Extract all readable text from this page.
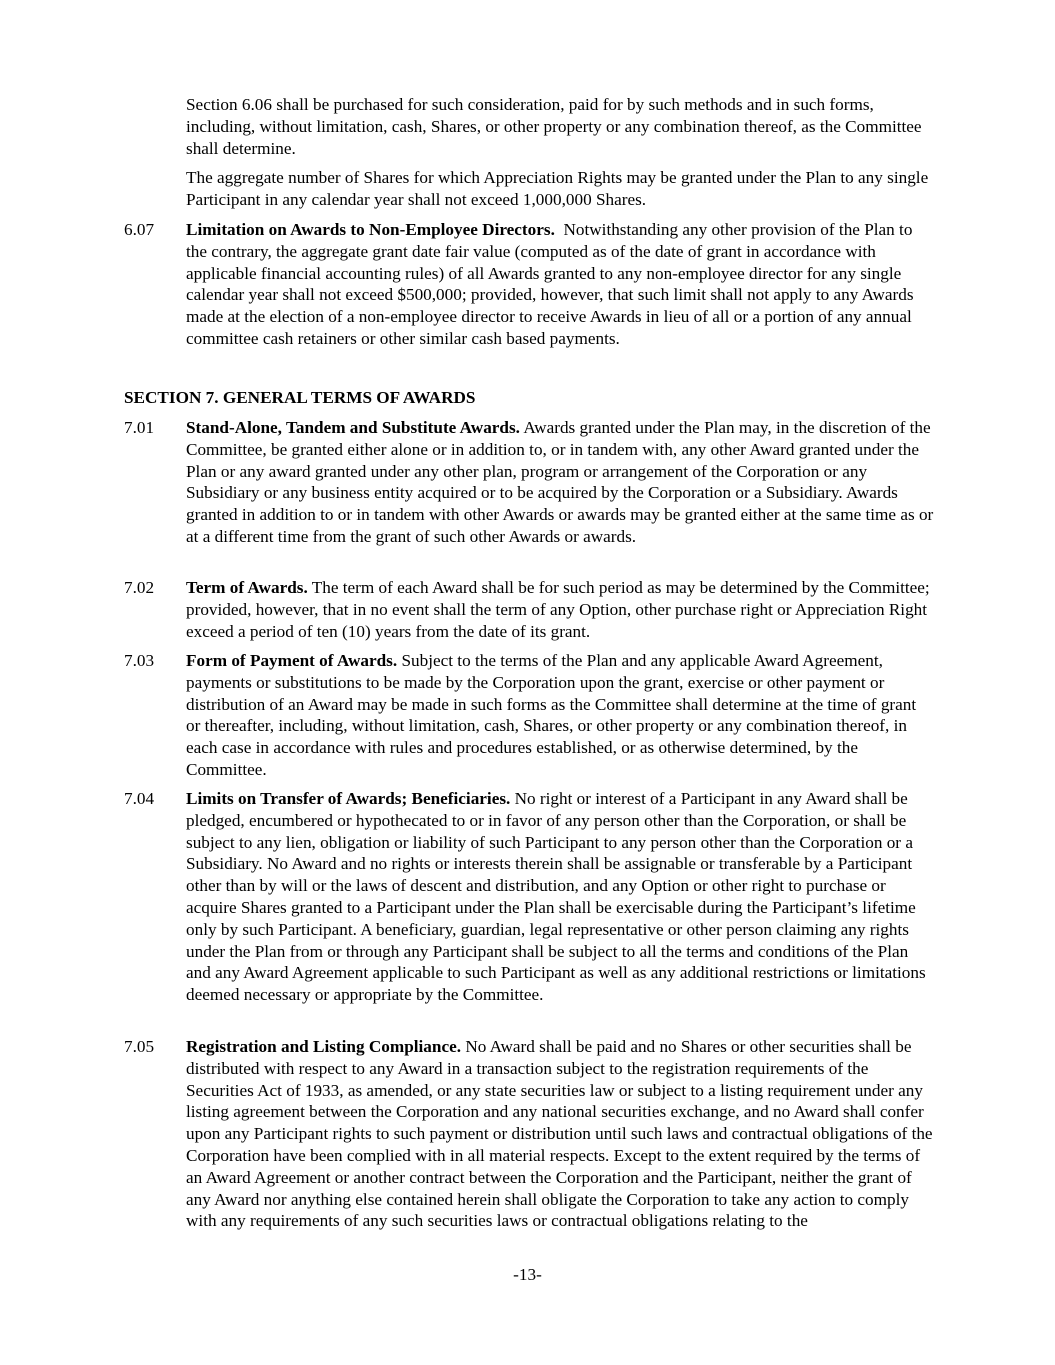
Section 6.06 shall be purchased for such consideration, paid for by such methods and in such forms, including, without limitation, cash, Shares, or other property or any combination thereof, as the Committee shall determine.

The aggregate number of Shares for which Appreciation Rights may be granted under the Plan to any single Participant in any calendar year shall not exceed 1,000,000 Shares.

6.07	Limitation on Awards to Non-Employee Directors. Notwithstanding any other provision of the Plan to the contrary, the aggregate grant date fair value (computed as of the date of grant in accordance with applicable financial accounting rules) of all Awards granted to any non-employee director for any single calendar year shall not exceed $500,000; provided, however, that such limit shall not apply to any Awards made at the election of a non-employee director to receive Awards in lieu of all or a portion of any annual committee cash retainers or other similar cash based payments.
SECTION 7. GENERAL TERMS OF AWARDS
7.01	Stand-Alone, Tandem and Substitute Awards. Awards granted under the Plan may, in the discretion of the Committee, be granted either alone or in addition to, or in tandem with, any other Award granted under the Plan or any award granted under any other plan, program or arrangement of the Corporation or any Subsidiary or any business entity acquired or to be acquired by the Corporation or a Subsidiary. Awards granted in addition to or in tandem with other Awards or awards may be granted either at the same time as or at a different time from the grant of such other Awards or awards.
7.02	Term of Awards. The term of each Award shall be for such period as may be determined by the Committee; provided, however, that in no event shall the term of any Option, other purchase right or Appreciation Right exceed a period of ten (10) years from the date of its grant.
7.03	Form of Payment of Awards. Subject to the terms of the Plan and any applicable Award Agreement, payments or substitutions to be made by the Corporation upon the grant, exercise or other payment or distribution of an Award may be made in such forms as the Committee shall determine at the time of grant or thereafter, including, without limitation, cash, Shares, or other property or any combination thereof, in each case in accordance with rules and procedures established, or as otherwise determined, by the Committee.
7.04	Limits on Transfer of Awards; Beneficiaries. No right or interest of a Participant in any Award shall be pledged, encumbered or hypothecated to or in favor of any person other than the Corporation, or shall be subject to any lien, obligation or liability of such Participant to any person other than the Corporation or a Subsidiary. No Award and no rights or interests therein shall be assignable or transferable by a Participant other than by will or the laws of descent and distribution, and any Option or other right to purchase or acquire Shares granted to a Participant under the Plan shall be exercisable during the Participant’s lifetime only by such Participant. A beneficiary, guardian, legal representative or other person claiming any rights under the Plan from or through any Participant shall be subject to all the terms and conditions of the Plan and any Award Agreement applicable to such Participant as well as any additional restrictions or limitations deemed necessary or appropriate by the Committee.
7.05	Registration and Listing Compliance. No Award shall be paid and no Shares or other securities shall be distributed with respect to any Award in a transaction subject to the registration requirements of the Securities Act of 1933, as amended, or any state securities law or subject to a listing requirement under any listing agreement between the Corporation and any national securities exchange, and no Award shall confer upon any Participant rights to such payment or distribution until such laws and contractual obligations of the Corporation have been complied with in all material respects. Except to the extent required by the terms of an Award Agreement or another contract between the Corporation and the Participant, neither the grant of any Award nor anything else contained herein shall obligate the Corporation to take any action to comply with any requirements of any such securities laws or contractual obligations relating to the
-13-
